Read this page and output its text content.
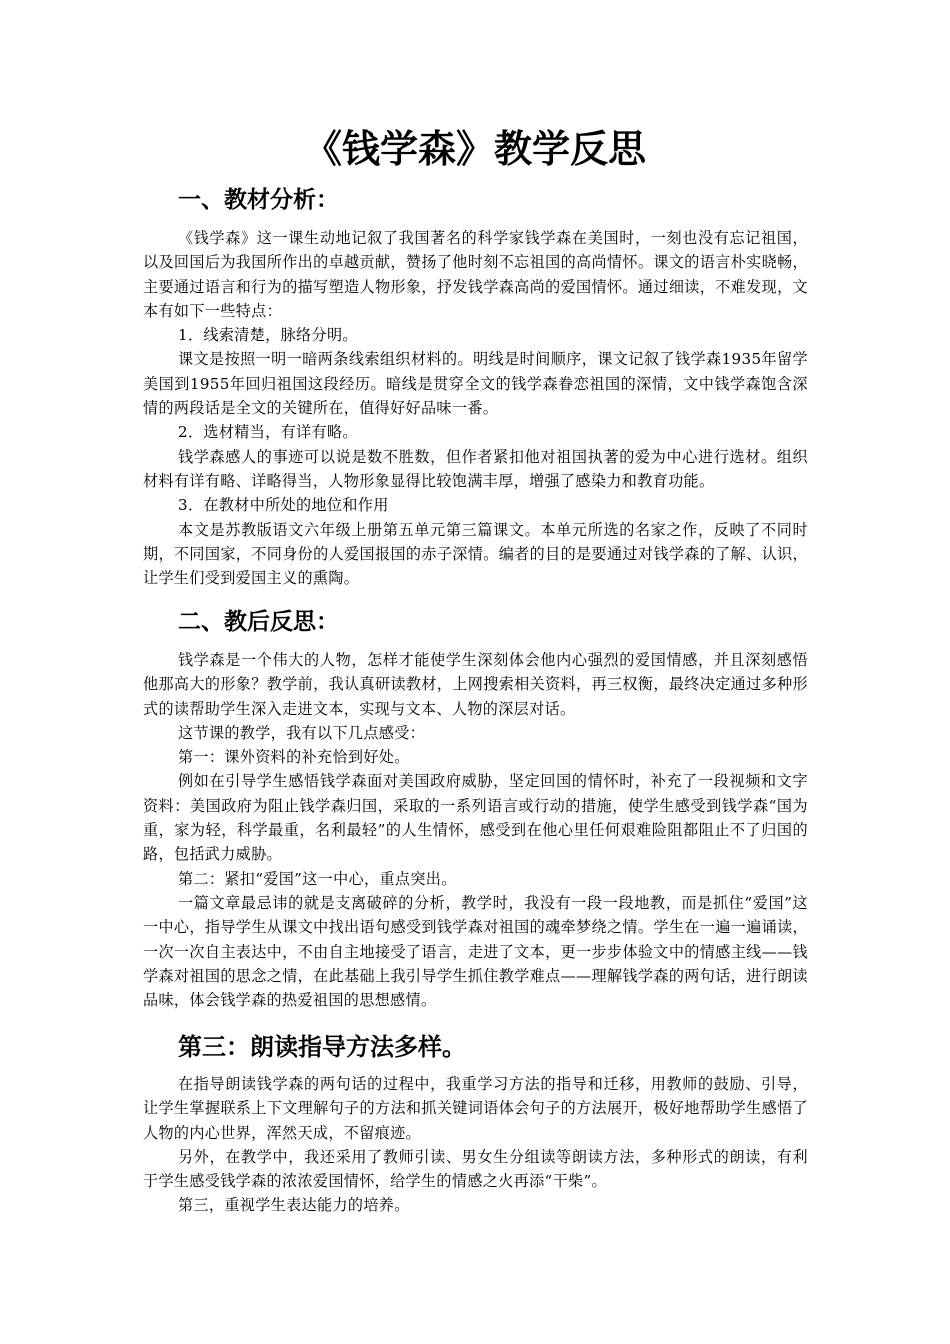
《钱学森》教学反思
一、教材分析：

《钱学森》这一课生动地记叙了我国著名的科学家钱学森在美国时，一刻也没有忘记祖国，以及回国后为我国所作出的卓越贡献，赞扬了他时刻不忘祖国的高尚情怀。课文的语言朴实晓畅，主要通过语言和行为的描写塑造人物形象，抒发钱学森高尚的爱国情怀。通过细读，不难发现，文本有如下一些特点：

1．线索清楚，脉络分明。

课文是按照一明一暗两条线索组织材料的。明线是时间顺序，课文记叙了钱学森1935年留学美国到1955年回归祖国这段经历。暗线是贯穿全文的钱学森眷恋祖国的深情，文中钱学森饱含深情的两段话是全文的关键所在，值得好好品味一番。

2．选材精当，有详有略。

钱学森感人的事迹可以说是数不胜数，但作者紧扣他对祖国执著的爱为中心进行选材。组织材料有详有略、详略得当，人物形象显得比较饱满丰厚，增强了感染力和教育功能。

3．在教材中所处的地位和作用

本文是苏教版语文六年级上册第五单元第三篇课文。本单元所选的名家之作，反映了不同时期，不同国家，不同身份的人爱国报国的赤子深情。编者的目的是要通过对钱学森的了解、认识，让学生们受到爱国主义的熏陶。

二、教后反思：

钱学森是一个伟大的人物，怎样才能使学生深刻体会他内心强烈的爱国情感，并且深刻感悟他那高大的形象？教学前，我认真研读教材，上网搜索相关资料，再三权衡，最终决定通过多种形式的读帮助学生深入走进文本，实现与文本、人物的深层对话。

这节课的教学，我有以下几点感受：

第一：课外资料的补充恰到好处。

例如在引导学生感悟钱学森面对美国政府威胁，坚定回国的情怀时，补充了一段视频和文字资料：美国政府为阻止钱学森归国，采取的一系列语言或行动的措施，使学生感受到钱学森“国为重，家为轻，科学最重，名利最轻”的人生情怀，感受到在他心里任何艰难险阻都阻止不了归国的路，包括武力威胁。

第二：紧扣“爱国”这一中心，重点突出。

一篇文章最忌讳的就是支离破碎的分析，教学时，我没有一段一段地教，而是抓住“爱国”这一中心，指导学生从课文中找出语句感受到钱学森对祖国的魂牵梦绕之情。学生在一遍一遍诵读，一次一次自主表达中，不由自主地接受了语言，走进了文本，更一步步体验文中的情感主线——钱学森对祖国的思念之情，在此基础上我引导学生抓住教学难点——理解钱学森的两句话，进行朗读品味，体会钱学森的热爱祖国的思想感情。

第三：朗读指导方法多样。

在指导朗读钱学森的两句话的过程中，我重学习方法的指导和迁移，用教师的鼓励、引导，让学生掌握联系上下文理解句子的方法和抓关键词语体会句子的方法展开，极好地帮助学生感悟了人物的内心世界，浑然天成，不留痕迹。

另外，在教学中，我还采用了教师引读、男女生分组读等朗读方法，多种形式的朗读，有利于学生感受钱学森的浓浓爱国情怀，给学生的情感之火再添“干柴”。

第三，重视学生表达能力的培养。
